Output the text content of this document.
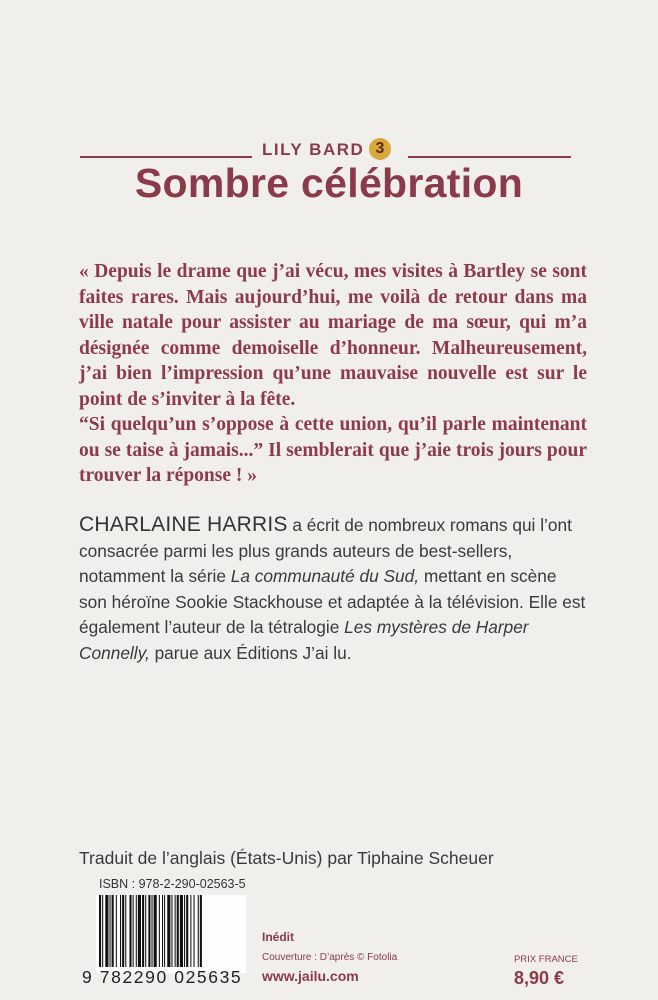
LILY BARD 3
Sombre célébration

« Depuis le drame que j’ai vécu, mes visites à Bartley se sont faites rares. Mais aujourd’hui, me voilà de retour dans ma ville natale pour assister au mariage de ma sœur, qui m’a désignée comme demoiselle d’honneur. Malheureusement, j’ai bien l’impression qu’une mauvaise nouvelle est sur le point de s’inviter à la fête.

“Si quelqu’un s’oppose à cette union, qu’il parle maintenant ou se taise à jamais...” Il semblerait que j’aie trois jours pour trouver la réponse ! »

CHARLAINE HARRIS a écrit de nombreux romans qui l’ont consacrée parmi les plus grands auteurs de best-sellers, notamment la série La communauté du Sud, mettant en scène son héroïne Sookie Stackhouse et adaptée à la télévision. Elle est également l’auteur de la tétralogie Les mystères de Harper Connelly, parue aux Éditions J’ai lu.

Traduit de l’anglais (États-Unis) par Tiphaine Scheuer
ISBN : 978-2-290-02563-5
9 782290 025635
Inédit
Couverture : D’après © Fotolia
www.jailu.com
PRIX FRANCE
8,90 €
